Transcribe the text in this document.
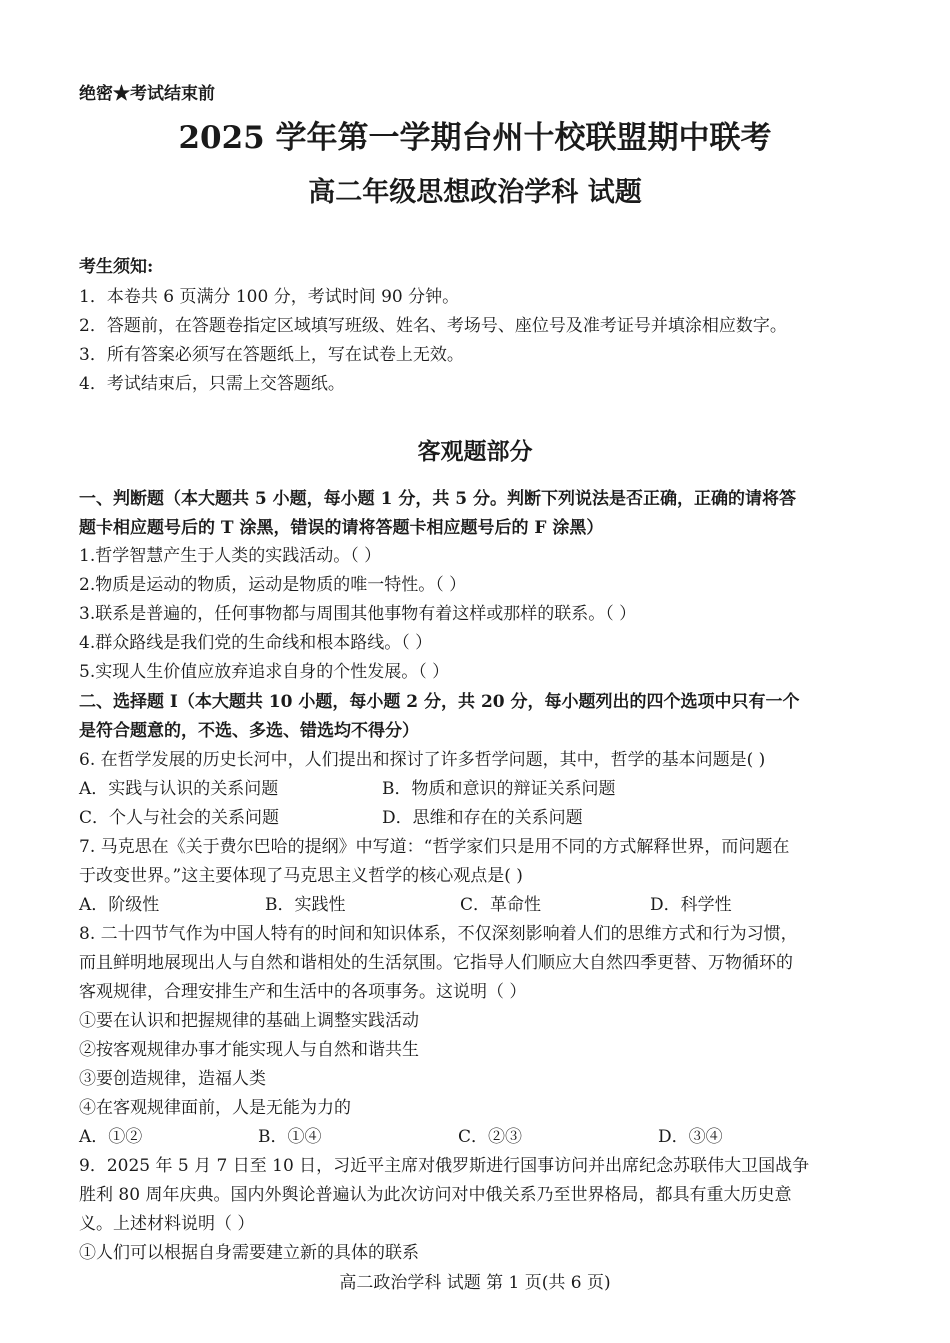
绝密★考试结束前
2025 学年第一学期台州十校联盟期中联考
高二年级思想政治学科 试题
考生须知:
1．本卷共 6 页满分 100 分，考试时间 90 分钟。
2．答题前，在答题卷指定区域填写班级、姓名、考场号、座位号及准考证号并填涂相应数字。
3．所有答案必须写在答题纸上，写在试卷上无效。
4．考试结束后，只需上交答题纸。
客观题部分
一、判断题（本大题共 5 小题，每小题 1 分，共 5 分。判断下列说法是否正确，正确的请将答
题卡相应题号后的 T 涂黑，错误的请将答题卡相应题号后的 F 涂黑）
1.哲学智慧产生于人类的实践活动。（ ）
2.物质是运动的物质，运动是物质的唯一特性。（ ）
3.联系是普遍的，任何事物都与周围其他事物有着这样或那样的联系。（ ）
4.群众路线是我们党的生命线和根本路线。（ ）
5.实现人生价值应放弃追求自身的个性发展。（ ）
二、选择题 I（本大题共 10 小题，每小题 2 分，共 20 分，每小题列出的四个选项中只有一个
是符合题意的，不选、多选、错选均不得分）
6. 在哲学发展的历史长河中，人们提出和探讨了许多哲学问题，其中，哲学的基本问题是( )
A．实践与认识的关系问题	B．物质和意识的辩证关系问题
C．个人与社会的关系问题	D．思维和存在的关系问题
7. 马克思在《关于费尔巴哈的提纲》中写道：“哲学家们只是用不同的方式解释世界，而问题在
于改变世界。”这主要体现了马克思主义哲学的核心观点是( )
A．阶级性	B．实践性	C．革命性	D．科学性
8. 二十四节气作为中国人特有的时间和知识体系，不仅深刻影响着人们的思维方式和行为习惯，
而且鲜明地展现出人与自然和谐相处的生活氛围。它指导人们顺应大自然四季更替、万物循环的
客观规律，合理安排生产和生活中的各项事务。这说明（ ）
①要在认识和把握规律的基础上调整实践活动
②按客观规律办事才能实现人与自然和谐共生
③要创造规律，造福人类
④在客观规律面前，人是无能为力的
A．①②	B．①④	C．②③	D．③④
9．2025 年 5 月 7 日至 10 日，习近平主席对俄罗斯进行国事访问并出席纪念苏联伟大卫国战争
胜利 80 周年庆典。国内外舆论普遍认为此次访问对中俄关系乃至世界格局，都具有重大历史意
义。上述材料说明（ ）
①人们可以根据自身需要建立新的具体的联系
高二政治学科 试题 第 1 页(共 6 页)
